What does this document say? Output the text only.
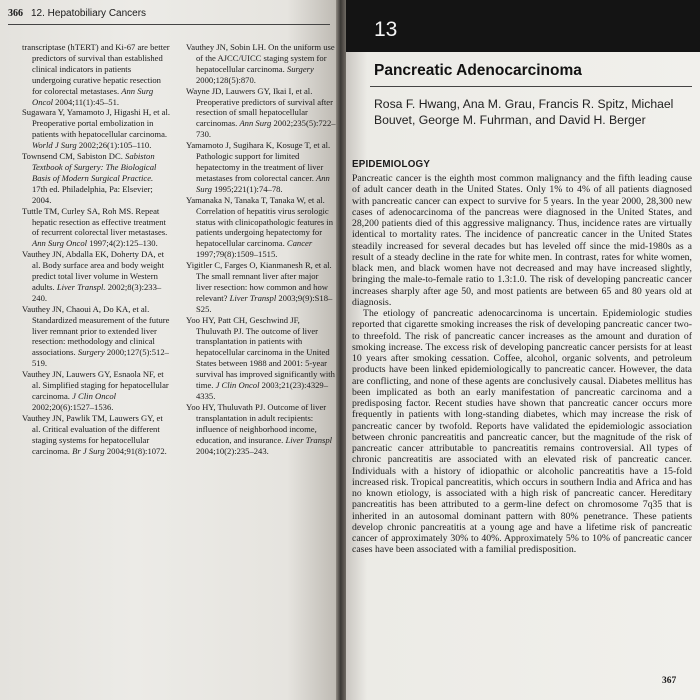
366 12. Hepatobiliary Cancers

transcriptase (hTERT) and Ki-67 are better predictors of survival than established clinical indicators in patients undergoing curative hepatic resection for colorectal metastases. Ann Surg Oncol 2004;11(1):45–51.

Sugawara Y, Yamamoto J, Higashi H, et al. Preoperative portal embolization in patients with hepatocellular carcinoma. World J Surg 2002;26(1):105–110.

Townsend CM, Sabiston DC. Sabiston Textbook of Surgery: The Biological Basis of Modern Surgical Practice. 17th ed. Philadelphia, Pa: Elsevier; 2004.

Tuttle TM, Curley SA, Roh MS. Repeat hepatic resection as effective treatment of recurrent colorectal liver metastases. Ann Surg Oncol 1997;4(2):125–130.

Vauthey JN, Abdalla EK, Doherty DA, et al. Body surface area and body weight predict total liver volume in Western adults. Liver Transpl. 2002;8(3):233–240.

Vauthey JN, Chaoui A, Do KA, et al. Standardized measurement of the future liver remnant prior to extended liver resection: methodology and clinical associations. Surgery 2000;127(5):512–519.

Vauthey JN, Lauwers GY, Esnaola NF, et al. Simplified staging for hepatocellular carcinoma. J Clin Oncol 2002;20(6):1527–1536.

Vauthey JN, Pawlik TM, Lauwers GY, et al. Critical evaluation of the different staging systems for hepatocellular carcinoma. Br J Surg 2004;91(8):1072.

Vauthey JN, Sobin LH. On the uniform use of the AJCC/UICC staging system for hepatocellular carcinoma. Surgery 2000;128(5):870.

Wayne JD, Lauwers GY, Ikai I, et al. Preoperative predictors of survival after resection of small hepatocellular carcinomas. Ann Surg 2002;235(5):722–730.

Yamamoto J, Sugihara K, Kosuge T, et al. Pathologic support for limited hepatectomy in the treatment of liver metastases from colorectal cancer. Ann Surg 1995;221(1):74–78.

Yamanaka N, Tanaka T, Tanaka W, et al. Correlation of hepatitis virus serologic status with clinicopathologic features in patients undergoing hepatectomy for hepatocellular carcinoma. Cancer 1997;79(8):1509–1515.

Yigitler C, Farges O, Kianmanesh R, et al. The small remnant liver after major liver resection: how common and how relevant? Liver Transpl 2003;9(9):S18–S25.

Yoo HY, Patt CH, Geschwind JF, Thuluvath PJ. The outcome of liver transplantation in patients with hepatocellular carcinoma in the United States between 1988 and 2001: 5-year survival has improved significantly with time. J Clin Oncol 2003;21(23):4329–4335.

Yoo HY, Thuluvath PJ. Outcome of liver transplantation in adult recipients: influence of neighborhood income, education, and insurance. Liver Transpl 2004;10(2):235–243.

13
Pancreatic Adenocarcinoma
Rosa F. Hwang, Ana M. Grau, Francis R. Spitz, Michael Bouvet, George M. Fuhrman, and David H. Berger
EPIDEMIOLOGY

Pancreatic cancer is the eighth most common malignancy and the fifth leading cause of adult cancer death in the United States. Only 1% to 4% of all patients diagnosed with pancreatic cancer can expect to survive for 5 years. In the year 2000, 28,300 new cases of adenocarcinoma of the pancreas were diagnosed in the United States, and 28,200 patients died of this aggressive malignancy. Thus, incidence rates are virtually identical to mortality rates. The incidence of pancreatic cancer in the United States steadily increased for several decades but has leveled off since the mid-1980s as a result of a steady decline in the rate for white men. In contrast, rates for white women, black men, and black women have not decreased and may have increased slightly, bringing the male-to-female ratio to 1.3:1.0. The risk of developing pancreatic cancer increases sharply after age 50, and most patients are between 65 and 80 years old at diagnosis.

The etiology of pancreatic adenocarcinoma is uncertain. Epidemiologic studies reported that cigarette smoking increases the risk of developing pancreatic cancer two- to threefold. The risk of pancreatic cancer increases as the amount and duration of smoking increase. The excess risk of developing pancreatic cancer persists for at least 10 years after smoking cessation. Coffee, alcohol, organic solvents, and petroleum products have been linked epidemiologically to pancreatic cancer. However, the data are conflicting, and none of these agents are conclusively causal. Diabetes mellitus has been implicated as both an early manifestation of pancreatic carcinoma and a predisposing factor. Recent studies have shown that pancreatic cancer occurs more frequently in patients with long-standing diabetes, which may increase the risk of pancreatic cancer by twofold. Reports have validated the epidemiologic association between chronic pancreatitis and pancreatic cancer, but the magnitude of the risk of pancreatic cancer attributable to pancreatitis remains controversial. All types of chronic pancreatitis are associated with an elevated risk of pancreatic cancer. Individuals with a history of idiopathic or alcoholic pancreatitis have a 15-fold increased risk. Tropical pancreatitis, which occurs in southern India and Africa and has no known etiology, is associated with a high risk of pancreatic cancer. Hereditary pancreatitis has been attributed to a germ-line defect on chromosome 7q35 that is inherited in an autosomal dominant pattern with 80% penetrance. These patients develop chronic pancreatitis at a young age and have a lifetime risk of pancreatic cancer of approximately 30% to 40%. Approximately 5% to 10% of pancreatic cancer cases have been associated with a familial predisposition.

367
